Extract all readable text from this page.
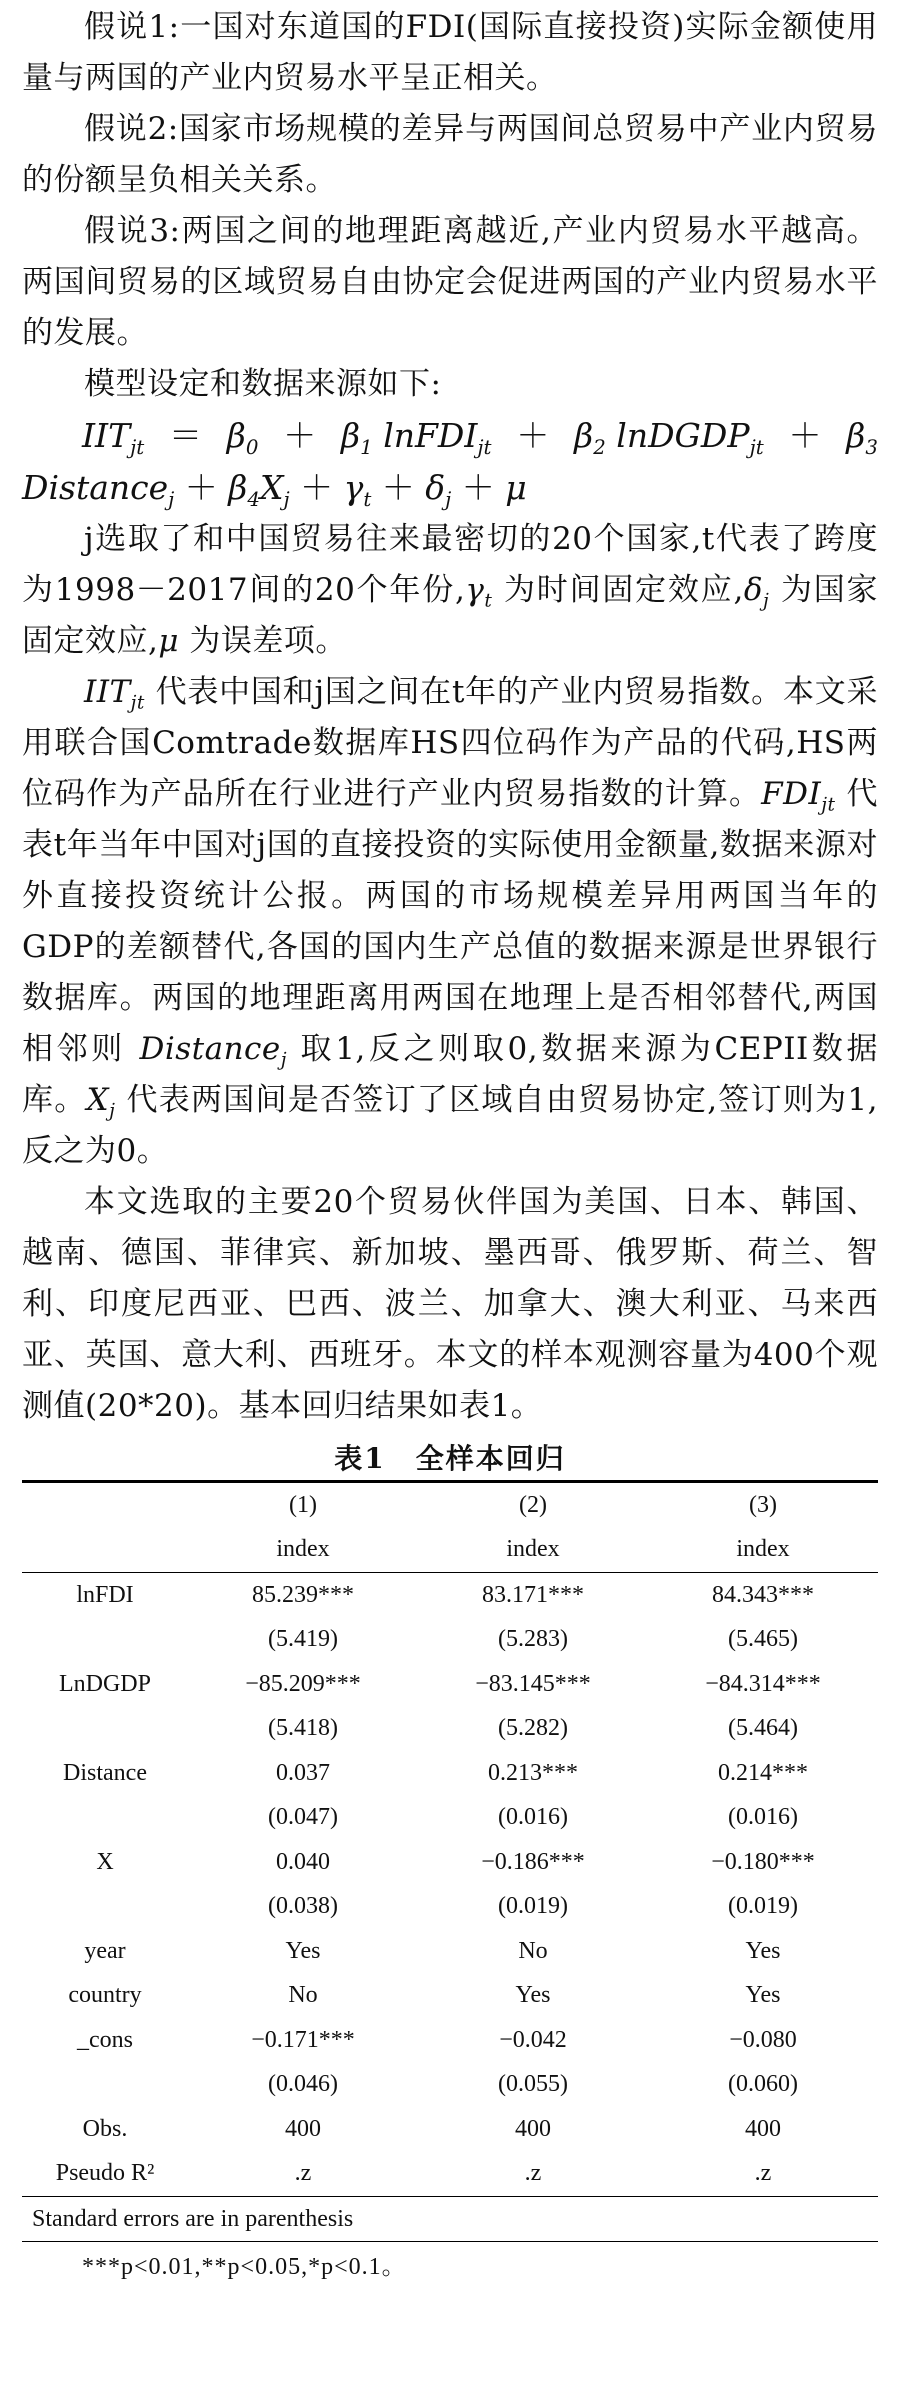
假说1:一国对东道国的FDI(国际直接投资)实际金额使用量与两国的产业内贸易水平呈正相关。

假说2:国家市场规模的差异与两国间总贸易中产业内贸易的份额呈负相关关系。

假说3:两国之间的地理距离越近,产业内贸易水平越高。两国间贸易的区域贸易自由协定会促进两国的产业内贸易水平的发展。

模型设定和数据来源如下:

$IIT_{jt} = \beta_0 + \beta_1$ lnFDI$_{jt}$ ＋ $\beta_2$ lnDGDP$_{jt}$ ＋ $\beta_3$
Distance$_j$ ＋ $\beta_4X_j + \gamma_t + \delta_j + \mu$

j选取了和中国贸易往来最密切的20个国家,t代表了跨度为1998－2017间的20个年份$,\gamma_t$ 为时间固定效应$,\delta_j$ 为国家固定效应,μ 为误差项。

$IIT_{jt}$ 代表中国和j国之间在t年的产业内贸易指数。本文采用联合国Comtrade数据库HS四位码作为产品的代码,HS两位码作为产品所在行业进行产业内贸易指数的计算。$FDI_{jt}$ 代表t年当年中国对j国的直接投资的实际使用金额量,数据来源对外直接投资统计公报。两国的市场规模差异用两国当年的GDP的差额替代,各国的国内生产总值的数据来源是世界银行数据库。两国的地理距离用两国在地理上是否相邻替代,两国相邻则 Distance$_j$ 取1,反之则取0,数据来源为CEPII数据库。$X_j$ 代表两国间是否签订了区域自由贸易协定,签订则为1,反之为0。

本文选取的主要20个贸易伙伴国为美国、日本、韩国、越南、德国、菲律宾、新加坡、墨西哥、俄罗斯、荷兰、智利、印度尼西亚、巴西、波兰、加拿大、澳大利亚、马来西亚、英国、意大利、西班牙。本文的样本观测容量为400个观测值(20*20)。基本回归结果如表1。

表1　全样本回归
	(1)	(2)	(3)
	index	index	index
lnFDI	85.239***	83.171***	84.343***
	(5.419)	(5.283)	(5.465)
LnDGDP	−85.209***	−83.145***	−84.314***
	(5.418)	(5.282)	(5.464)
Distance	0.037	0.213***	0.214***
	(0.047)	(0.016)	(0.016)
X	0.040	−0.186***	−0.180***
	(0.038)	(0.019)	(0.019)
year	Yes	No	Yes
country	No	Yes	Yes
_cons	−0.171***	−0.042	−0.080
	(0.046)	(0.055)	(0.060)
Obs.	400	400	400
Pseudo R²	.z	.z	.z
Standard errors are in parenthesis
***p<0.01,**p<0.05,*p<0.1。
